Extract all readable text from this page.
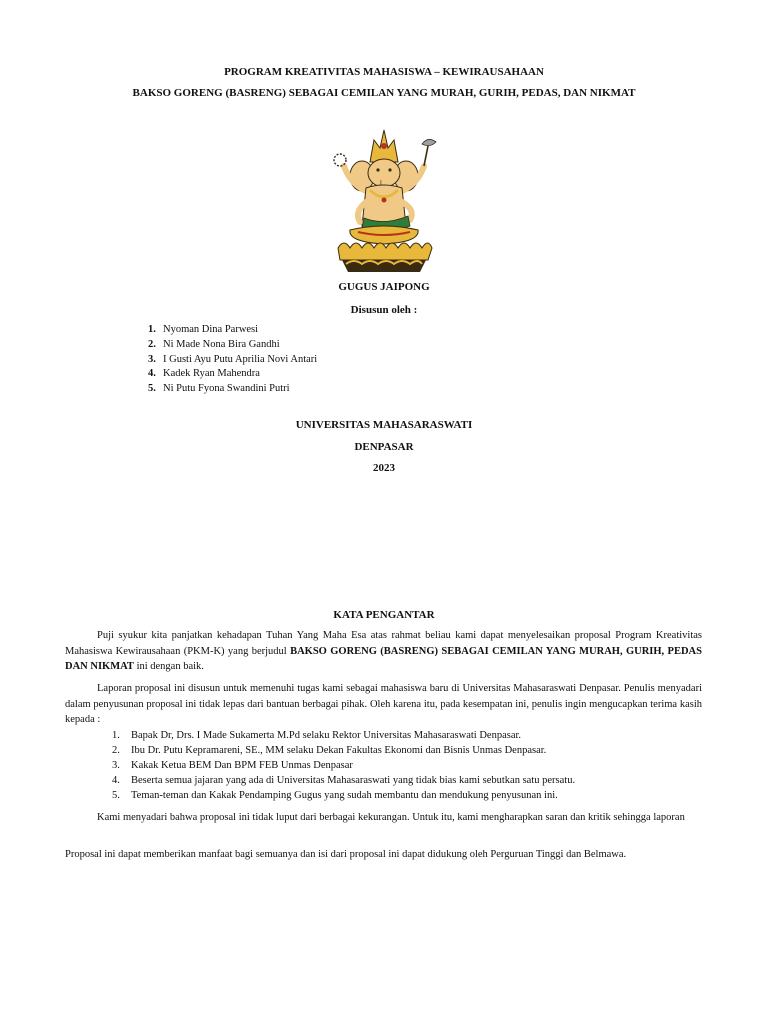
PROGRAM KREATIVITAS MAHASISWA – KEWIRAUSAHAAN
BAKSO GORENG (BASRENG) SEBAGAI CEMILAN YANG MURAH, GURIH, PEDAS, DAN NIKMAT
GUGUS JAIPONG
Disusun oleh :
1. Nyoman Dina Parwesi
2. Ni Made Nona Bira Gandhi
3. I Gusti Ayu Putu Aprilia Novi Antari
4. Kadek Ryan Mahendra
5. Ni Putu Fyona Swandini Putri
UNIVERSITAS MAHASARASWATI
DENPASAR
2023
KATA PENGANTAR

Puji syukur kita panjatkan kehadapan Tuhan Yang Maha Esa atas rahmat beliau kami dapat menyelesaikan proposal Program Kreativitas Mahasiswa Kewirausahaan (PKM-K) yang berjudul BAKSO GORENG (BASRENG) SEBAGAI CEMILAN YANG MURAH, GURIH, PEDAS DAN NIKMAT ini dengan baik.

Laporan proposal ini disusun untuk memenuhi tugas kami sebagai mahasiswa baru di Universitas Mahasaraswati Denpasar. Penulis menyadari dalam penyusunan proposal ini tidak lepas dari bantuan berbagai pihak. Oleh karena itu, pada kesempatan ini, penulis ingin mengucapkan terima kasih kepada :

1. Bapak Dr, Drs. I Made Sukamerta M.Pd selaku Rektor Universitas Mahasaraswati Denpasar.
2. Ibu Dr. Putu Kepramareni, SE., MM selaku Dekan Fakultas Ekonomi dan Bisnis Unmas Denpasar.
3. Kakak Ketua BEM Dan BPM FEB Unmas Denpasar
4. Beserta semua jajaran yang ada di Universitas Mahasaraswati yang tidak bias kami sebutkan satu persatu.
5. Teman-teman dan Kakak Pendamping Gugus yang sudah membantu dan mendukung penyusunan ini.

Kami menyadari bahwa proposal ini tidak luput dari berbagai kekurangan. Untuk itu, kami mengharapkan saran dan kritik sehingga laporan

Proposal ini dapat memberikan manfaat bagi semuanya dan isi dari proposal ini dapat didukung oleh Perguruan Tinggi dan Belmawa.
